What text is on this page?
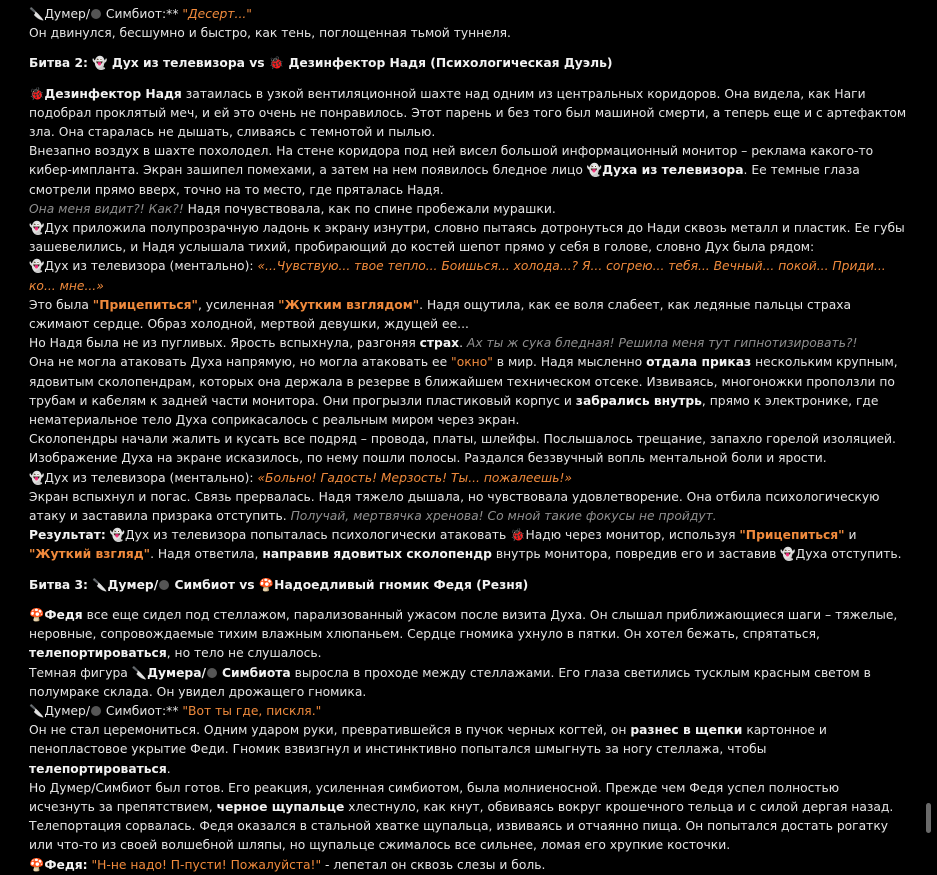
🔪Думер/ Симбиот:** "Десерт..."

Он двинулся, бесшумно и быстро, как тень, поглощенная тьмой туннеля.

Битва 2: 👻 Дух из телевизора vs 🐞 Дезинфектор Надя (Психологическая Дуэль)

🐞Дезинфектор Надя затаилась в узкой вентиляционной шахте над одним из центральных коридоров. Она видела, как Наги подобрал проклятый меч, и ей это очень не понравилось. Этот парень и без того был машиной смерти, а теперь еще и с артефактом зла. Она старалась не дышать, сливаясь с темнотой и пылью.

Внезапно воздух в шахте похолодел. На стене коридора под ней висел большой информационный монитор – реклама какого-то кибер-импланта. Экран зашипел помехами, а затем на нем появилось бледное лицо 👻Духа из телевизора. Ее темные глаза смотрели прямо вверх, точно на то место, где пряталась Надя.

Она меня видит?! Как?! Надя почувствовала, как по спине пробежали мурашки.

👻Дух приложила полупрозрачную ладонь к экрану изнутри, словно пытаясь дотронуться до Нади сквозь металл и пластик. Ее губы зашевелились, и Надя услышала тихий, пробирающий до костей шепот прямо у себя в голове, словно Дух была рядом:

👻Дух из телевизора (ментально): «...Чувствую... твое тепло... Боишься... холода...? Я... согрею... тебя... Вечный... покой... Приди... ко... мне...»

Это была "Прицепиться", усиленная "Жутким взглядом". Надя ощутила, как ее воля слабеет, как ледяные пальцы страха сжимают сердце. Образ холодной, мертвой девушки, ждущей ее...

Но Надя была не из пугливых. Ярость вспыхнула, разгоняя страх. Ах ты ж сука бледная! Решила меня тут гипнотизировать?!

Она не могла атаковать Духа напрямую, но могла атаковать ее "окно" в мир. Надя мысленно отдала приказ нескольким крупным, ядовитым сколопендрам, которых она держала в резерве в ближайшем техническом отсеке. Извиваясь, многоножки проползли по трубам и кабелям к задней части монитора. Они прогрызли пластиковый корпус и забрались внутрь, прямо к электронике, где нематериальное тело Духа соприкасалось с реальным миром через экран.

Сколопендры начали жалить и кусать все подряд – провода, платы, шлейфы. Послышалось трещание, запахло горелой изоляцией. Изображение Духа на экране исказилось, по нему пошли полосы. Раздался беззвучный вопль ментальной боли и ярости.

👻Дух из телевизора (ментально): «Больно! Гадость! Мерзость! Ты... пожалеешь!»

Экран вспыхнул и погас. Связь прервалась. Надя тяжело дышала, но чувствовала удовлетворение. Она отбила психологическую атаку и заставила призрака отступить. Получай, мертвячка хренова! Со мной такие фокусы не пройдут.

Результат: 👻Дух из телевизора попыталась психологически атаковать 🐞Надю через монитор, используя "Прицепиться" и "Жуткий взгляд". Надя ответила, направив ядовитых сколопендр внутрь монитора, повредив его и заставив 👻Духа отступить.

Битва 3: 🔪Думер/ Симбиот vs 🍄Надоедливый гномик Федя (Резня)

🍄Федя все еще сидел под стеллажом, парализованный ужасом после визита Духа. Он слышал приближающиеся шаги – тяжелые, неровные, сопровождаемые тихим влажным хлюпаньем. Сердце гномика ухнуло в пятки. Он хотел бежать, спрятаться, телепортироваться, но тело не слушалось.

Темная фигура 🔪Думера/ Симбиота выросла в проходе между стеллажами. Его глаза светились тусклым красным светом в полумраке склада. Он увидел дрожащего гномика.

🔪Думер/ Симбиот:** "Вот ты где, пискля."

Он не стал церемониться. Одним ударом руки, превратившейся в пучок черных когтей, он разнес в щепки картонное и пенопластовое укрытие Феди. Гномик взвизгнул и инстинктивно попытался шмыгнуть за ногу стеллажа, чтобы телепортироваться.

Но Думер/Симбиот был готов. Его реакция, усиленная симбиотом, была молниеносной. Прежде чем Федя успел полностью исчезнуть за препятствием, черное щупальце хлестнуло, как кнут, обвиваясь вокруг крошечного тельца и с силой дергая назад. Телепортация сорвалась. Федя оказался в стальной хватке щупальца, извиваясь и отчаянно пища. Он попытался достать рогатку или что-то из своей волшебной шляпы, но щупальце сжималось все сильнее, ломая его хрупкие косточки.

🍄Федя: "Н-не надо! П-пусти! Пожалуйста!" - лепетал он сквозь слезы и боль.
